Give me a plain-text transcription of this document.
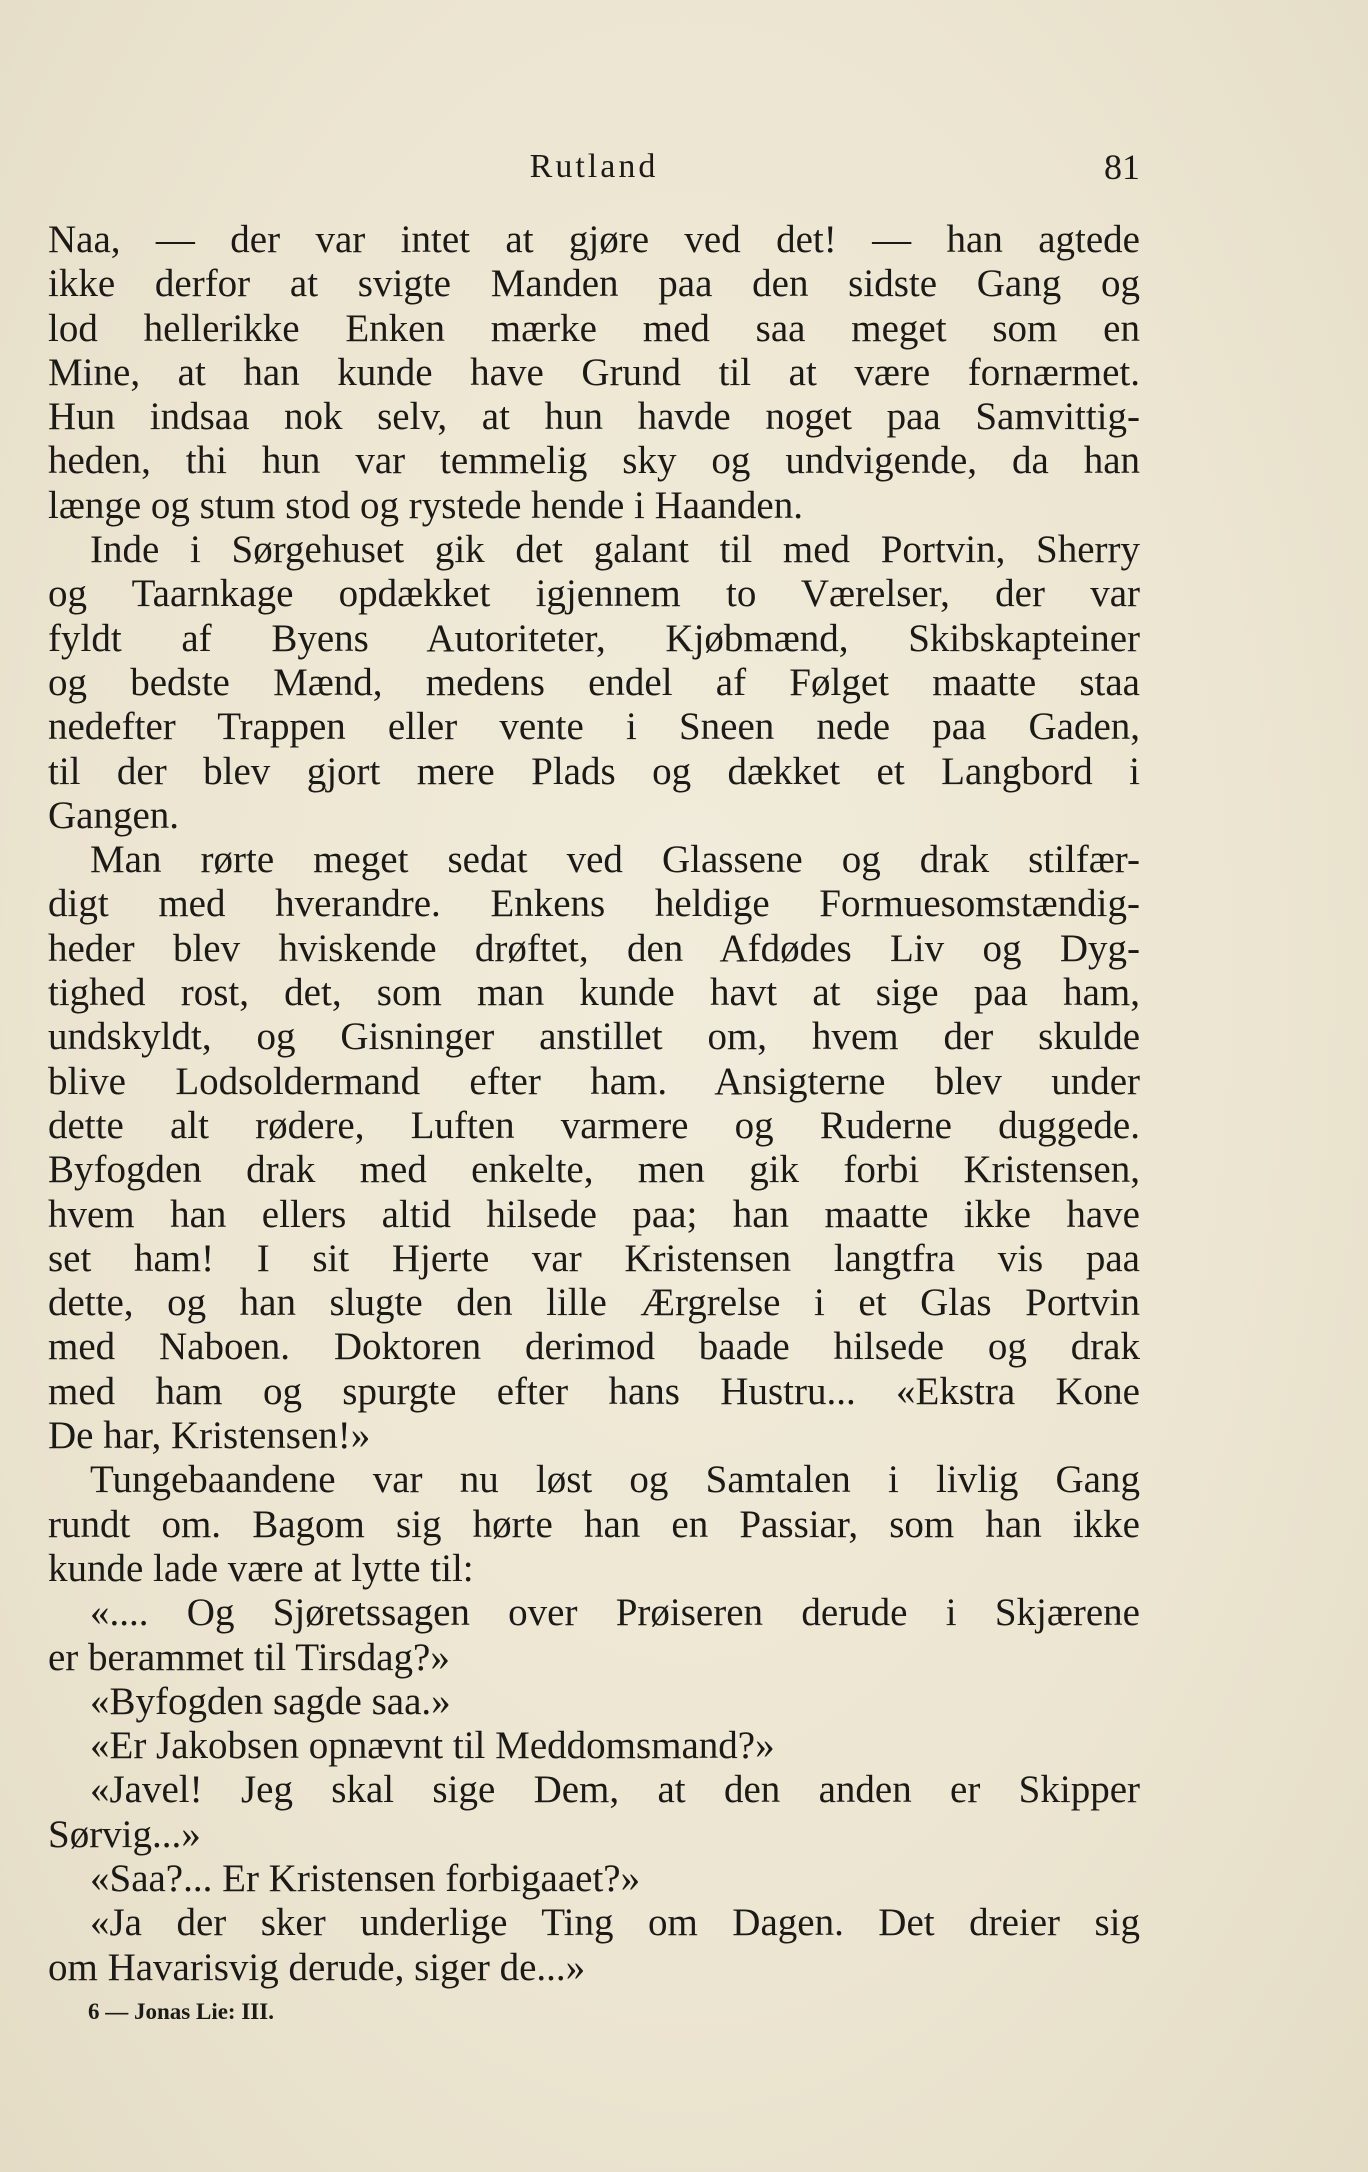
Rutland	81
Naa, — der var intet at gjøre ved det! — han agtede
ikke derfor at svigte Manden paa den sidste Gang og
lod hellerikke Enken mærke med saa meget som en
Mine, at han kunde have Grund til at være fornærmet.
Hun indsaa nok selv, at hun havde noget paa Samvittig-
heden, thi hun var temmelig sky og undvigende, da han
længe og stum stod og rystede hende i Haanden.
Inde i Sørgehuset gik det galant til med Portvin, Sherry
og Taarnkage opdækket igjennem to Værelser, der var
fyldt af Byens Autoriteter, Kjøbmænd, Skibskapteiner
og bedste Mænd, medens endel af Følget maatte staa
nedefter Trappen eller vente i Sneen nede paa Gaden,
til der blev gjort mere Plads og dækket et Langbord i
Gangen.
Man rørte meget sedat ved Glassene og drak stilfær-
digt med hverandre. Enkens heldige Formuesomstændig-
heder blev hviskende drøftet, den Afdødes Liv og Dyg-
tighed rost, det, som man kunde havt at sige paa ham,
undskyldt, og Gisninger anstillet om, hvem der skulde
blive Lodsoldermand efter ham. Ansigterne blev under
dette alt rødere, Luften varmere og Ruderne duggede.
Byfogden drak med enkelte, men gik forbi Kristensen,
hvem han ellers altid hilsede paa; han maatte ikke have
set ham! I sit Hjerte var Kristensen langtfra vis paa
dette, og han slugte den lille Ærgrelse i et Glas Portvin
med Naboen. Doktoren derimod baade hilsede og drak
med ham og spurgte efter hans Hustru... «Ekstra Kone
De har, Kristensen!»
Tungebaandene var nu løst og Samtalen i livlig Gang
rundt om. Bagom sig hørte han en Passiar, som han ikke
kunde lade være at lytte til:
«.... Og Sjøretssagen over Prøiseren derude i Skjærene
er berammet til Tirsdag?»
«Byfogden sagde saa.»
«Er Jakobsen opnævnt til Meddomsmand?»
«Javel! Jeg skal sige Dem, at den anden er Skipper
Sørvig...»
«Saa?... Er Kristensen forbigaaet?»
«Ja der sker underlige Ting om Dagen. Det dreier sig
om Havarisvig derude, siger de...»
6 — Jonas Lie: III.
